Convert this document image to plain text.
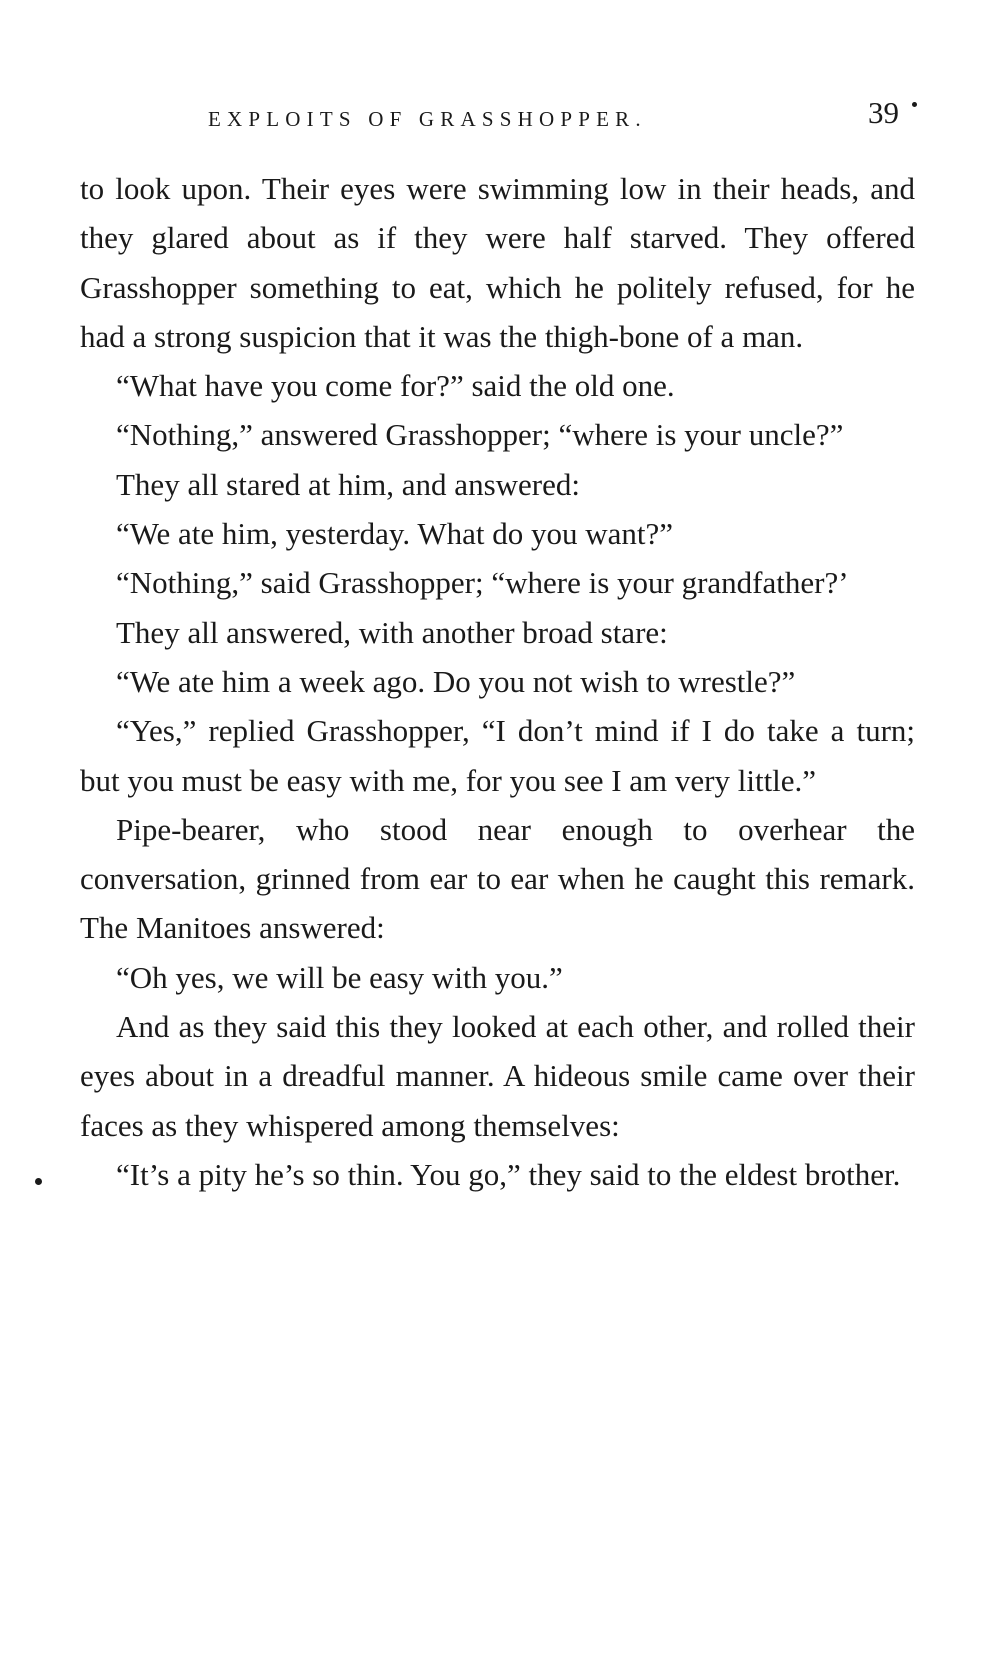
EXPLOITS OF GRASSHOPPER.	39

to look upon. Their eyes were swimming low in their heads, and they glared about as if they were half starved. They offered Grasshopper something to eat, which he politely refused, for he had a strong suspicion that it was the thigh-bone of a man.

“What have you come for?” said the old one.

“Nothing,” answered Grasshopper; “where is your uncle?”

They all stared at him, and answered:

“We ate him, yesterday. What do you want?”

“Nothing,” said Grasshopper; “where is your grandfather?’

They all answered, with another broad stare:

“We ate him a week ago. Do you not wish to wrestle?”

“Yes,” replied Grasshopper, “I don’t mind if I do take a turn; but you must be easy with me, for you see I am very little.”

Pipe-bearer, who stood near enough to overhear the conversation, grinned from ear to ear when he caught this remark. The Manitoes answered:

“Oh yes, we will be easy with you.”

And as they said this they looked at each other, and rolled their eyes about in a dreadful manner. A hideous smile came over their faces as they whispered among themselves:

“It’s a pity he’s so thin. You go,” they said to the eldest brother.
